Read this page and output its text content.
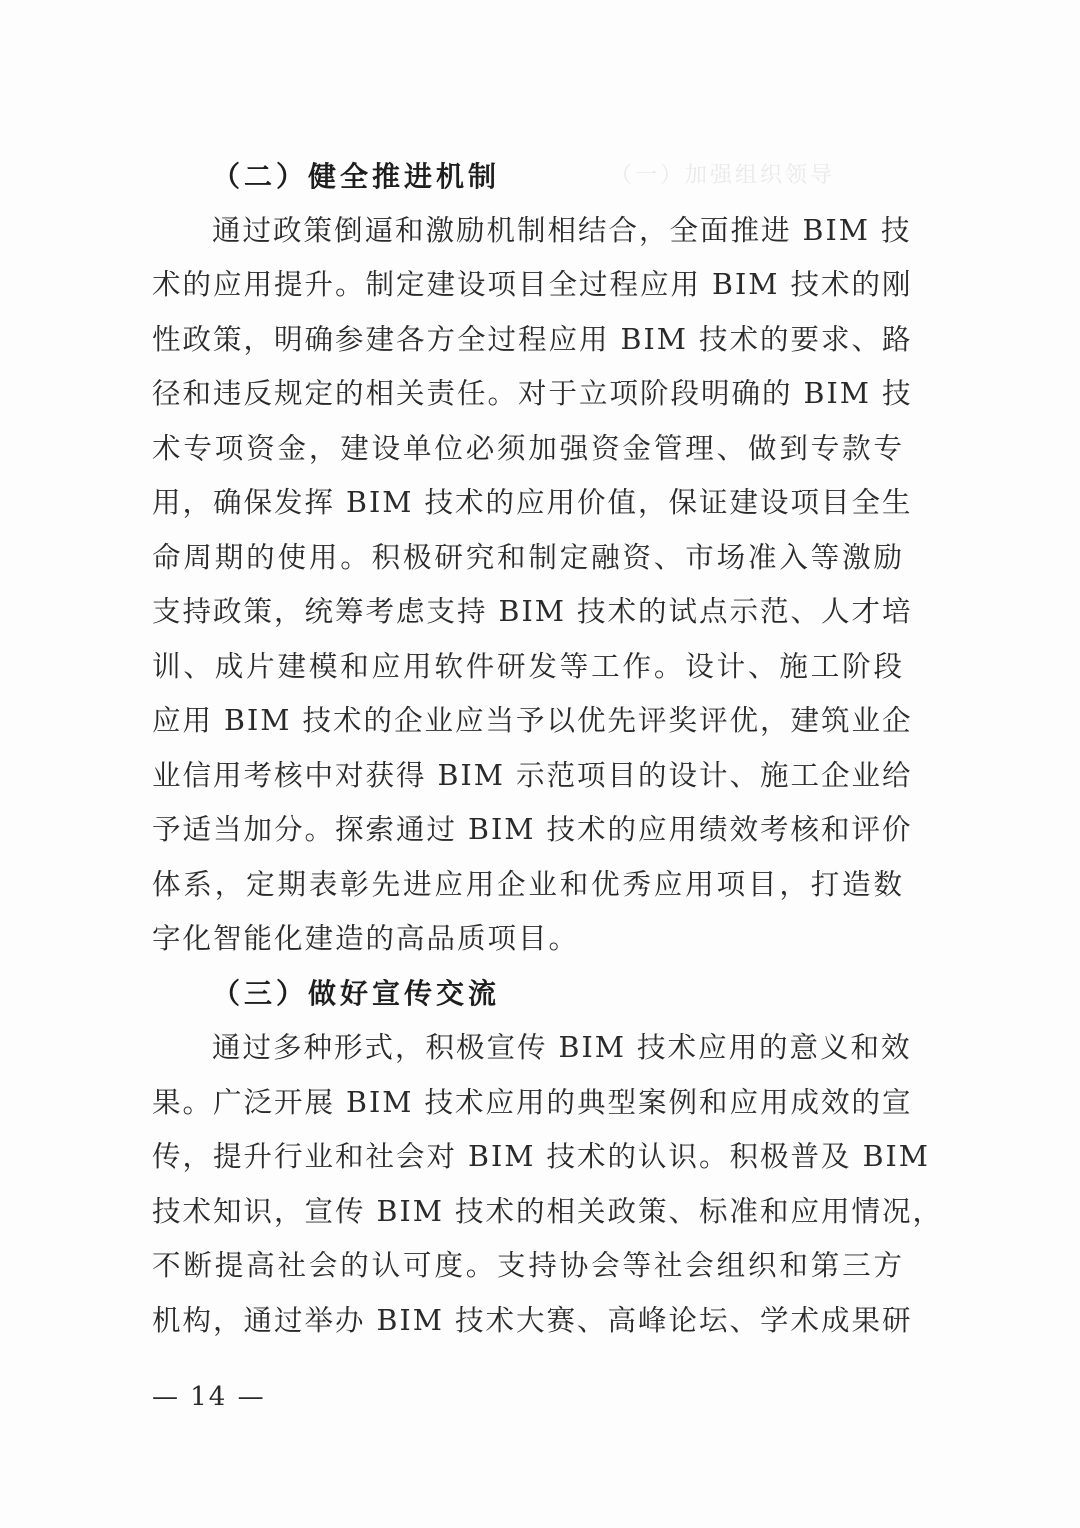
（一）加强组织领导
（二）健全推进机制
通过政策倒逼和激励机制相结合，全面推进 BIM 技
术的应用提升。制定建设项目全过程应用 BIM 技术的刚
性政策，明确参建各方全过程应用 BIM 技术的要求、路
径和违反规定的相关责任。对于立项阶段明确的 BIM 技
术专项资金，建设单位必须加强资金管理、做到专款专
用，确保发挥 BIM 技术的应用价值，保证建设项目全生
命周期的使用。积极研究和制定融资、市场准入等激励
支持政策，统筹考虑支持 BIM 技术的试点示范、人才培
训、成片建模和应用软件研发等工作。设计、施工阶段
应用 BIM 技术的企业应当予以优先评奖评优，建筑业企
业信用考核中对获得 BIM 示范项目的设计、施工企业给
予适当加分。探索通过 BIM 技术的应用绩效考核和评价
体系，定期表彰先进应用企业和优秀应用项目，打造数
字化智能化建造的高品质项目。
（三）做好宣传交流
通过多种形式，积极宣传 BIM 技术应用的意义和效
果。广泛开展 BIM 技术应用的典型案例和应用成效的宣
传，提升行业和社会对 BIM 技术的认识。积极普及 BIM
技术知识，宣传 BIM 技术的相关政策、标准和应用情况，
不断提高社会的认可度。支持协会等社会组织和第三方
机构，通过举办 BIM 技术大赛、高峰论坛、学术成果研
— 14 —
